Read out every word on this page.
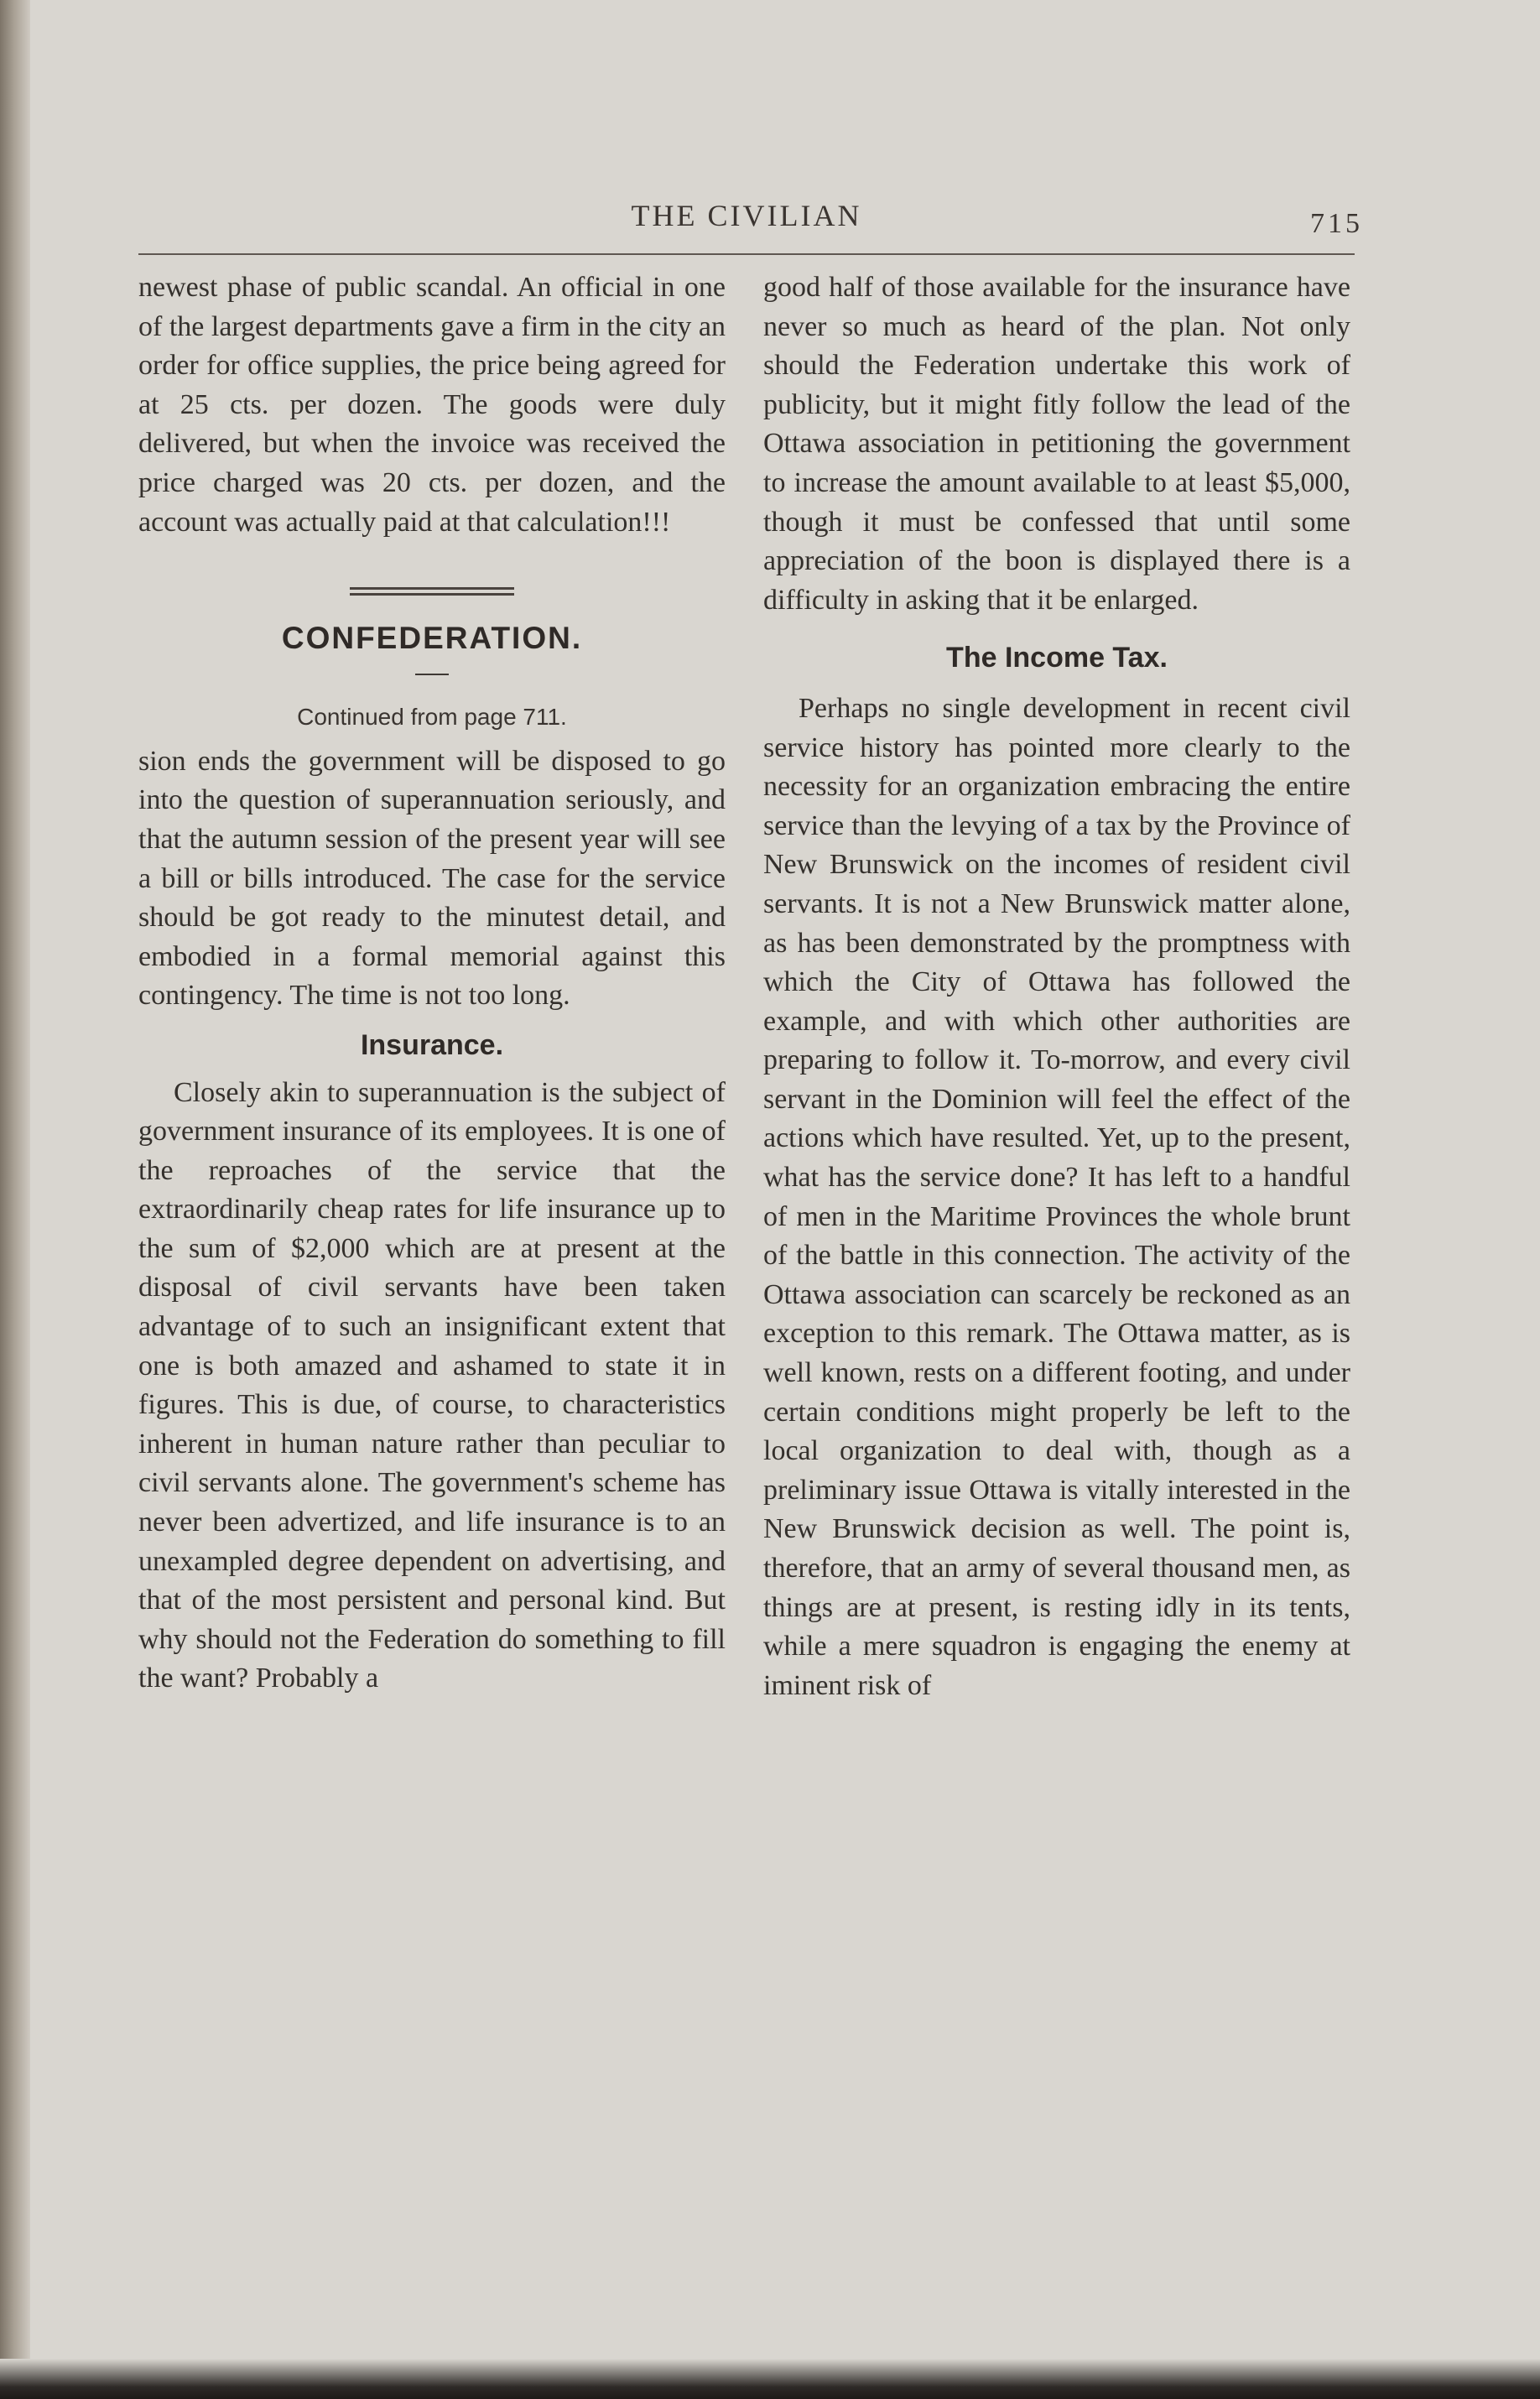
THE CIVILIAN	715

newest phase of public scandal. An official in one of the largest departments gave a firm in the city an order for office supplies, the price being agreed for at 25 cts. per dozen. The goods were duly delivered, but when the invoice was received the price charged was 20 cts. per dozen, and the account was actually paid at that calculation!!!

CONFEDERATION.
Continued from page 711.

sion ends the government will be disposed to go into the question of superannuation seriously, and that the autumn session of the present year will see a bill or bills introduced. The case for the service should be got ready to the minutest detail, and embodied in a formal memorial against this contingency. The time is not too long.

Insurance.

Closely akin to superannuation is the subject of government insurance of its employees. It is one of the reproaches of the service that the extraordinarily cheap rates for life insurance up to the sum of $2,000 which are at present at the disposal of civil servants have been taken advantage of to such an insignificant extent that one is both amazed and ashamed to state it in figures. This is due, of course, to characteristics inherent in human nature rather than peculiar to civil servants alone. The government's scheme has never been advertized, and life insurance is to an unexampled degree dependent on advertising, and that of the most persistent and personal kind. But why should not the Federation do something to fill the want? Probably a

good half of those available for the insurance have never so much as heard of the plan. Not only should the Federation undertake this work of publicity, but it might fitly follow the lead of the Ottawa association in petitioning the government to increase the amount available to at least $5,000, though it must be confessed that until some appreciation of the boon is displayed there is a difficulty in asking that it be enlarged.

The Income Tax.

Perhaps no single development in recent civil service history has pointed more clearly to the necessity for an organization embracing the entire service than the levying of a tax by the Province of New Brunswick on the incomes of resident civil servants. It is not a New Brunswick matter alone, as has been demonstrated by the promptness with which the City of Ottawa has followed the example, and with which other authorities are preparing to follow it. To-morrow, and every civil servant in the Dominion will feel the effect of the actions which have resulted. Yet, up to the present, what has the service done? It has left to a handful of men in the Maritime Provinces the whole brunt of the battle in this connection. The activity of the Ottawa association can scarcely be reckoned as an exception to this remark. The Ottawa matter, as is well known, rests on a different footing, and under certain conditions might properly be left to the local organization to deal with, though as a preliminary issue Ottawa is vitally interested in the New Brunswick decision as well. The point is, therefore, that an army of several thousand men, as things are at present, is resting idly in its tents, while a mere squadron is engaging the enemy at iminent risk of
